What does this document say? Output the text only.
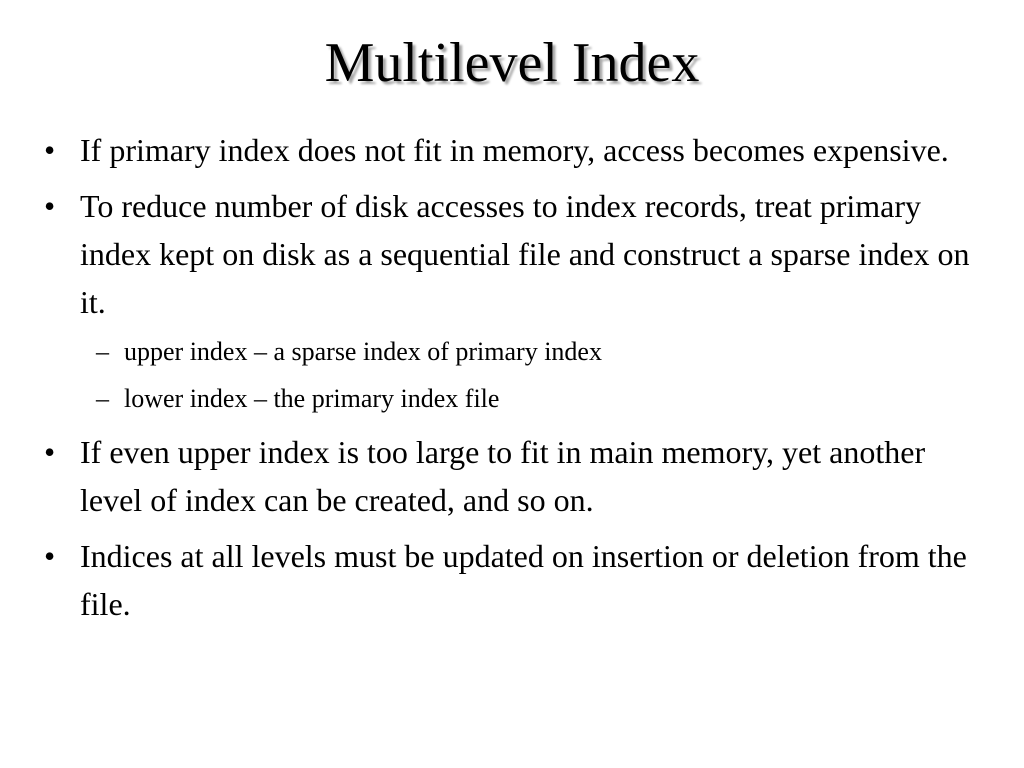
Multilevel Index
• If primary index does not fit in memory, access becomes expensive.
• To reduce number of disk accesses to index records, treat primary index kept on disk as a sequential file and construct a sparse index on it.
– upper index – a sparse index of primary index
– lower index – the primary index file
• If even upper index is too large to fit in main memory, yet another level of index can be created, and so on.
• Indices at all levels must be updated on insertion or deletion from the file.
